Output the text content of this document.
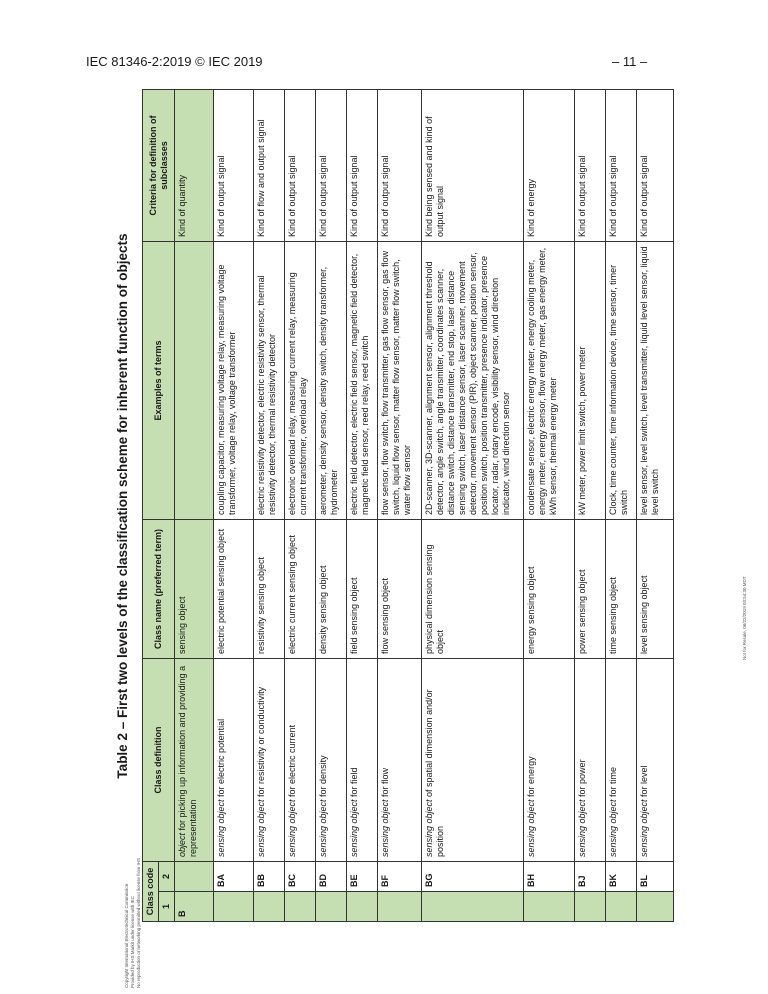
IEC 81346-2:2019 © IEC 2019	– 11 –
Table 2 – First two levels of the classification scheme for inherent function of objects
Class code		Class definition	Class name (preferred term)	Examples of terms	Criteria for definition of subclasses
1	2				
B		object for picking up information and providing a representation	sensing object		Kind of quantity
	BA	sensing object for electric potential	electric potential sensing object	coupling capacitor, measuring voltage relay, measuring voltage transformer, voltage relay, voltage transformer	Kind of output signal
	BB	sensing object for resistivity or conductivity	resistivity sensing object	electric resistivity detector, electric resistivity sensor, thermal resistivity detector, thermal resistivity detector	Kind of flow and output signal
	BC	sensing object for electric current	electric current sensing object	electronic overload relay, measuring current relay, measuring current transformer, overload relay	Kind of output signal
	BD	sensing object for density	density sensing object	aerometer, density sensor, density switch, density transformer, hydrometer	Kind of output signal
	BE	sensing object for field	field sensing object	electric field detector, electric field sensor, magnetic field detector, magnetic field sensor, reed relay, reed switch	Kind of output signal
	BF	sensing object for flow	flow sensing object	flow sensor, flow switch, flow transmitter, gas flow sensor, gas flow switch, liquid flow sensor, matter flow sensor, matter flow switch, water flow sensor	Kind of output signal
	BG	sensing object of spatial dimension and/or position	physical dimension sensing object	2D-scanner, 3D-scanner, alignment sensor, alignment threshold detector, angle switch, angle transmitter, coordinates scanner, distance switch, distance transmitter, end stop, laser distance sensing switch, laser distance sensor, laser scanner, movement detector, movement sensor (PIR), object scanner, position sensor, position switch, position transmitter, presence indicator, presence locator, radar, rotary encode, visibility sensor, wind direction indicator, wind direction sensor	Kind being sensed and kind of output signal
	BH	sensing object for energy	energy sensing object	condensate sensor, electric energy meter, energy cooling meter, energy meter, energy sensor, flow energy meter, gas energy meter, kWh sensor, thermal energy meter	Kind of energy
	BJ	sensing object for power	power sensing object	kW meter, power limit switch, power meter	Kind of output signal
	BK	sensing object for time	time sensing object	Clock, time counter, time information device, time sensor, timer switch	Kind of output signal
	BL	sensing object for level	level sensing object	level sensor, level switch, level transmitter, liquid level sensor, liquid level switch	Kind of output signal
Copyright International Electrotechnical Commission Provided by IHS Markit under license with IEC No reproduction or networking permitted without license from IHS
Not for Resale, 06/22/2019 03:54:30 MDT
